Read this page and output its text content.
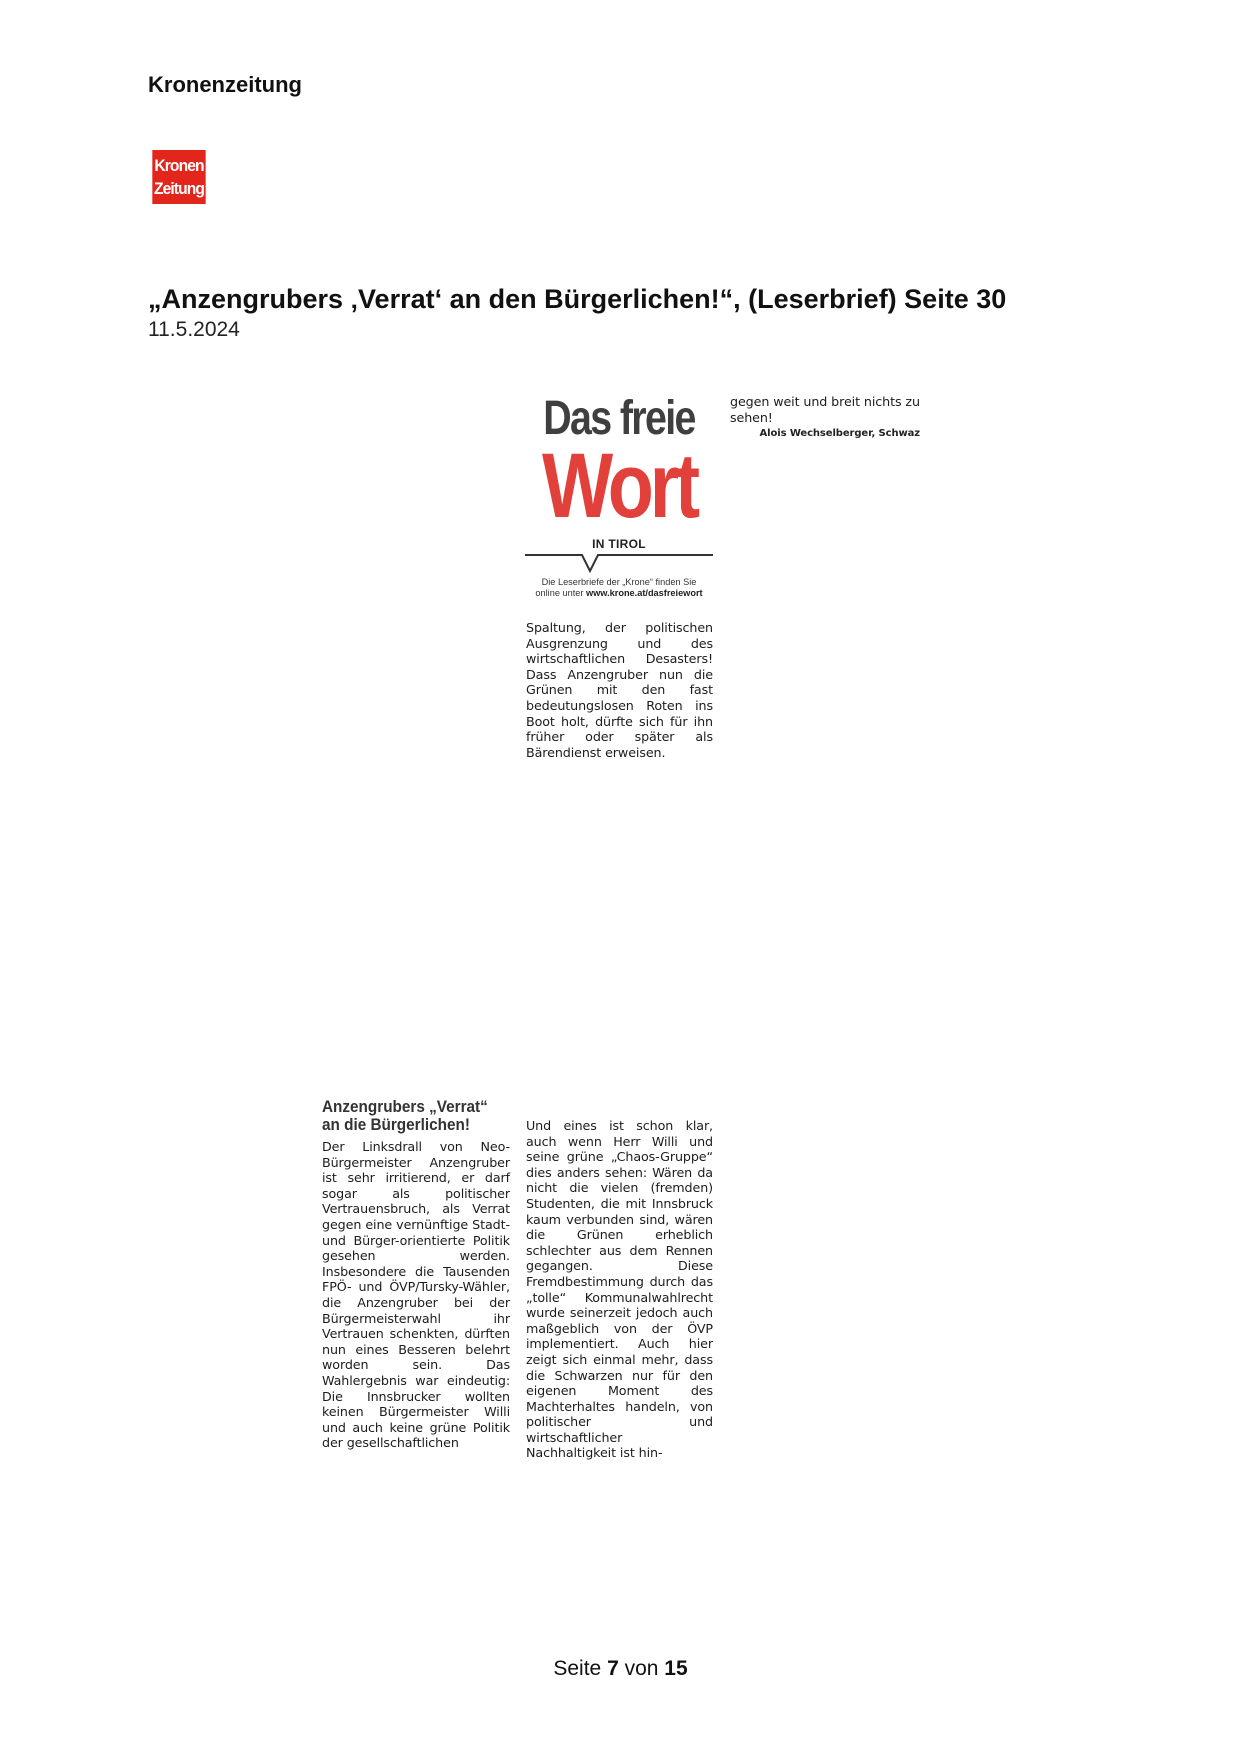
Kronenzeitung
Kronen
Zeitung
„Anzengrubers ‚Verrat‘ an den Bürgerlichen!“, (Leserbrief) Seite 30
11.5.2024
Das freie
Wort
IN TIROL
Die Leserbriefe der „Krone“ finden Sie
online unter www.krone.at/dasfreiewort

gegen weit und breit nichts zu sehen!

Alois Wechselberger, Schwaz

Spaltung, der politischen Ausgrenzung und des wirtschaftlichen Desasters! Dass Anzengruber nun die Grünen mit den fast bedeutungslosen Roten ins Boot holt, dürfte sich für ihn früher oder später als Bärendienst erweisen.

Anzengrubers „Verrat“
an die Bürgerlichen!

Der Linksdrall von Neo-Bürgermeister Anzengruber ist sehr irritierend, er darf sogar als politischer Vertrauensbruch, als Verrat gegen eine vernünftige Stadt- und Bürger-orientierte Politik gesehen werden. Insbesondere die Tausenden FPÖ- und ÖVP/Tursky-Wähler, die Anzengruber bei der Bürgermeisterwahl ihr Vertrauen schenkten, dürften nun eines Besseren belehrt worden sein. Das Wahlergebnis war eindeutig: Die Innsbrucker wollten keinen Bürgermeister Willi und auch keine grüne Politik der gesellschaftlichen

Und eines ist schon klar, auch wenn Herr Willi und seine grüne „Chaos-Gruppe“ dies anders sehen: Wären da nicht die vielen (fremden) Studenten, die mit Innsbruck kaum verbunden sind, wären die Grünen erheblich schlechter aus dem Rennen gegangen. Diese Fremdbestimmung durch das „tolle“ Kommunalwahlrecht wurde seinerzeit jedoch auch maßgeblich von der ÖVP implementiert. Auch hier zeigt sich einmal mehr, dass die Schwarzen nur für den eigenen Moment des Machterhaltes handeln, von politischer und wirtschaftlicher Nachhaltigkeit ist hin-

Seite 7 von 15
